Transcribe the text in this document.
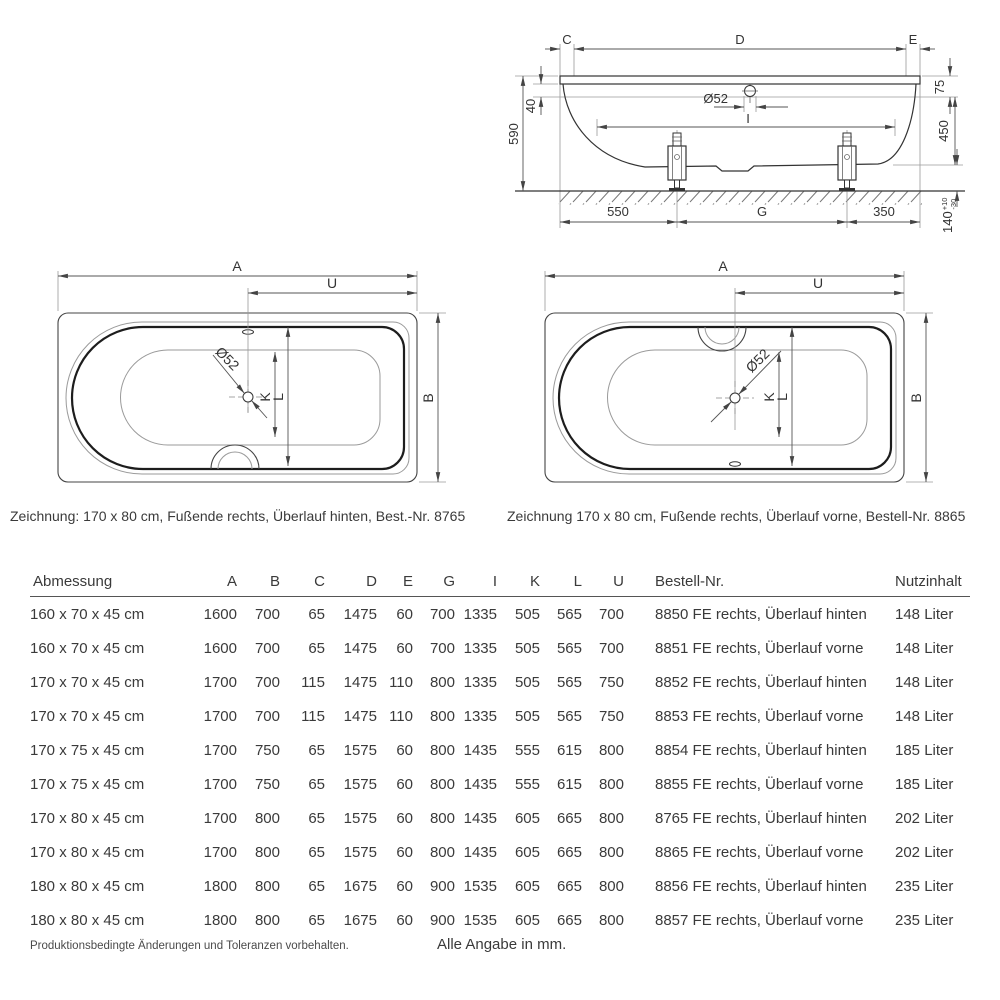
C	D	E
40
590
Ø52
I
75
450
$140^{+10}-30$
550	G	350
A
U
B
K
L
Ø52
A
U
B
K
L
Ø52
Zeichnung: 170 x 80 cm, Fußende rechts, Überlauf hinten, Best.-Nr. 8765	Zeichnung 170 x 80 cm, Fußende rechts, Überlauf vorne, Bestell-Nr. 8865
Abmessung	A	B	C	D	E	G	I	K	L	U	Bestell-Nr.	Nutzinhalt
160 x 70 x 45 cm	1600	700	65	1475	60	700	1335	505	565	700	8850 FE rechts, Überlauf hinten	148 Liter
160 x 70 x 45 cm	1600	700	65	1475	60	700	1335	505	565	700	8851 FE rechts, Überlauf vorne	148 Liter
170 x 70 x 45 cm	1700	700	115	1475	110	800	1335	505	565	750	8852 FE rechts, Überlauf hinten	148 Liter
170 x 70 x 45 cm	1700	700	115	1475	110	800	1335	505	565	750	8853 FE rechts, Überlauf vorne	148 Liter
170 x 75 x 45 cm	1700	750	65	1575	60	800	1435	555	615	800	8854 FE rechts, Überlauf hinten	185 Liter
170 x 75 x 45 cm	1700	750	65	1575	60	800	1435	555	615	800	8855 FE rechts, Überlauf vorne	185 Liter
170 x 80 x 45 cm	1700	800	65	1575	60	800	1435	605	665	800	8765 FE rechts, Überlauf hinten	202 Liter
170 x 80 x 45 cm	1700	800	65	1575	60	800	1435	605	665	800	8865 FE rechts, Überlauf vorne	202 Liter
180 x 80 x 45 cm	1800	800	65	1675	60	900	1535	605	665	800	8856 FE rechts, Überlauf hinten	235 Liter
180 x 80 x 45 cm	1800	800	65	1675	60	900	1535	605	665	800	8857 FE rechts, Überlauf vorne	235 Liter
Produktionsbedingte Änderungen und Toleranzen vorbehalten.	Alle Angabe in mm.
